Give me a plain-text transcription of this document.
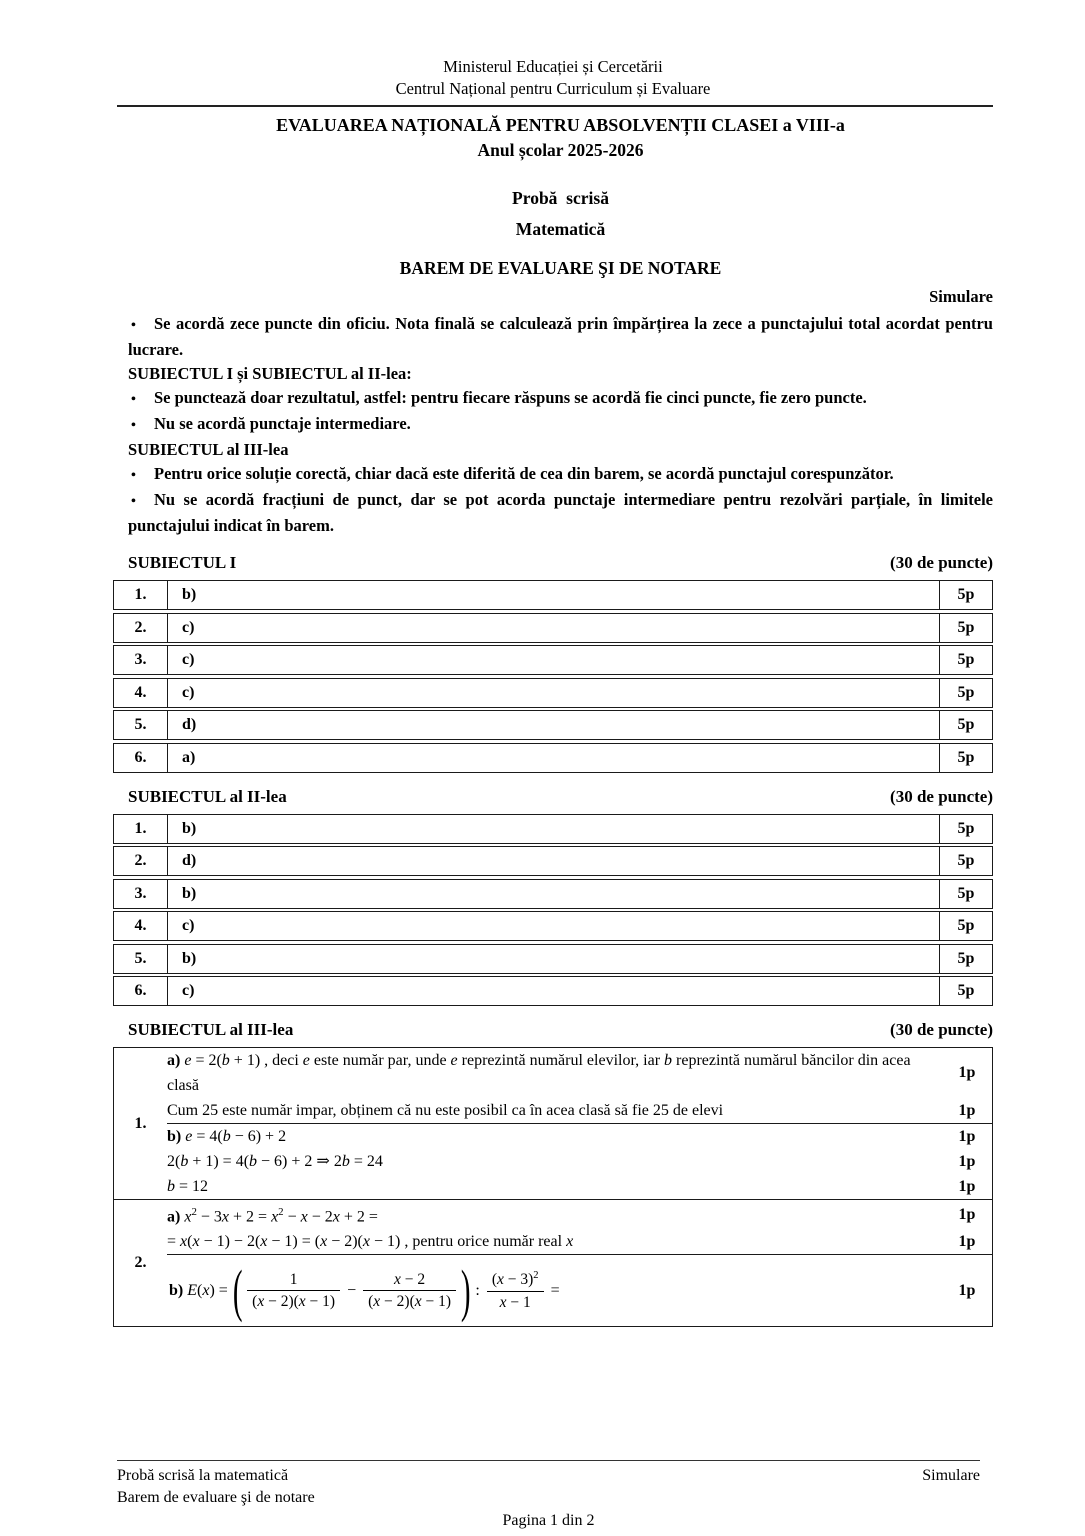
Ministerul Educației și Cercetării
Centrul Național pentru Curriculum și Evaluare
EVALUAREA NAȚIONALĂ PENTRU ABSOLVENȚII CLASEI a VIII-a
Anul școlar 2025-2026
Probă  scrisă
Matematică
BAREM DE EVALUARE ŞI DE NOTARE
Simulare

• Se acordă zece puncte din oficiu. Nota finală se calculează prin împărțirea la zece a punctajului total acordat pentru lucrare.

SUBIECTUL I și SUBIECTUL al II-lea:

• Se punctează doar rezultatul, astfel: pentru fiecare răspuns se acordă fie cinci puncte, fie zero puncte.

• Nu se acordă punctaje intermediare.

SUBIECTUL al III-lea

• Pentru orice soluție corectă, chiar dacă este diferită de cea din barem, se acordă punctajul corespunzător.

• Nu se acordă fracțiuni de punct, dar se pot acorda punctaje intermediare pentru rezolvări parțiale, în limitele punctajului indicat în barem.

SUBIECTUL I	(30 de puncte)
1.	b)	5p
2.	c)	5p
3.	c)	5p
4.	c)	5p
5.	d)	5p
6.	a)	5p
SUBIECTUL al II-lea	(30 de puncte)
1.	b)	5p
2.	d)	5p
3.	b)	5p
4.	c)	5p
5.	b)	5p
6.	c)	5p
SUBIECTUL al III-lea	(30 de puncte)
1.	a) e = 2(b + 1) , deci e este număr par, unde e reprezintă numărul elevilor, iar b reprezintă numărul băncilor din acea clasă	1p
	Cum 25 este număr impar, obținem că nu este posibil ca în acea clasă să fie 25 de elevi	1p
	b) e = 4(b − 6) + 2	1p
	2(b + 1) = 4(b − 6) + 2 ⇒ 2b = 24	1p
	b = 12	1p
2.	a) $x^2 - 3x + 2 = x^2 - x - 2x + 2$ =	1p
	= x(x − 1) − 2(x − 1) = (x − 2)(x − 1) , pentru orice număr real x	1p

b) E(x) = ( $\frac{1}{(x - 2)(x - 1)} - \frac{x - 2}{(x - 2)(x - 1)}$ ) : $\frac{(x - 3)^2}{x - 1}$ =	1p
Probă scrisă la matematică	Simulare
Barem de evaluare şi de notare
Pagina 1 din 2
